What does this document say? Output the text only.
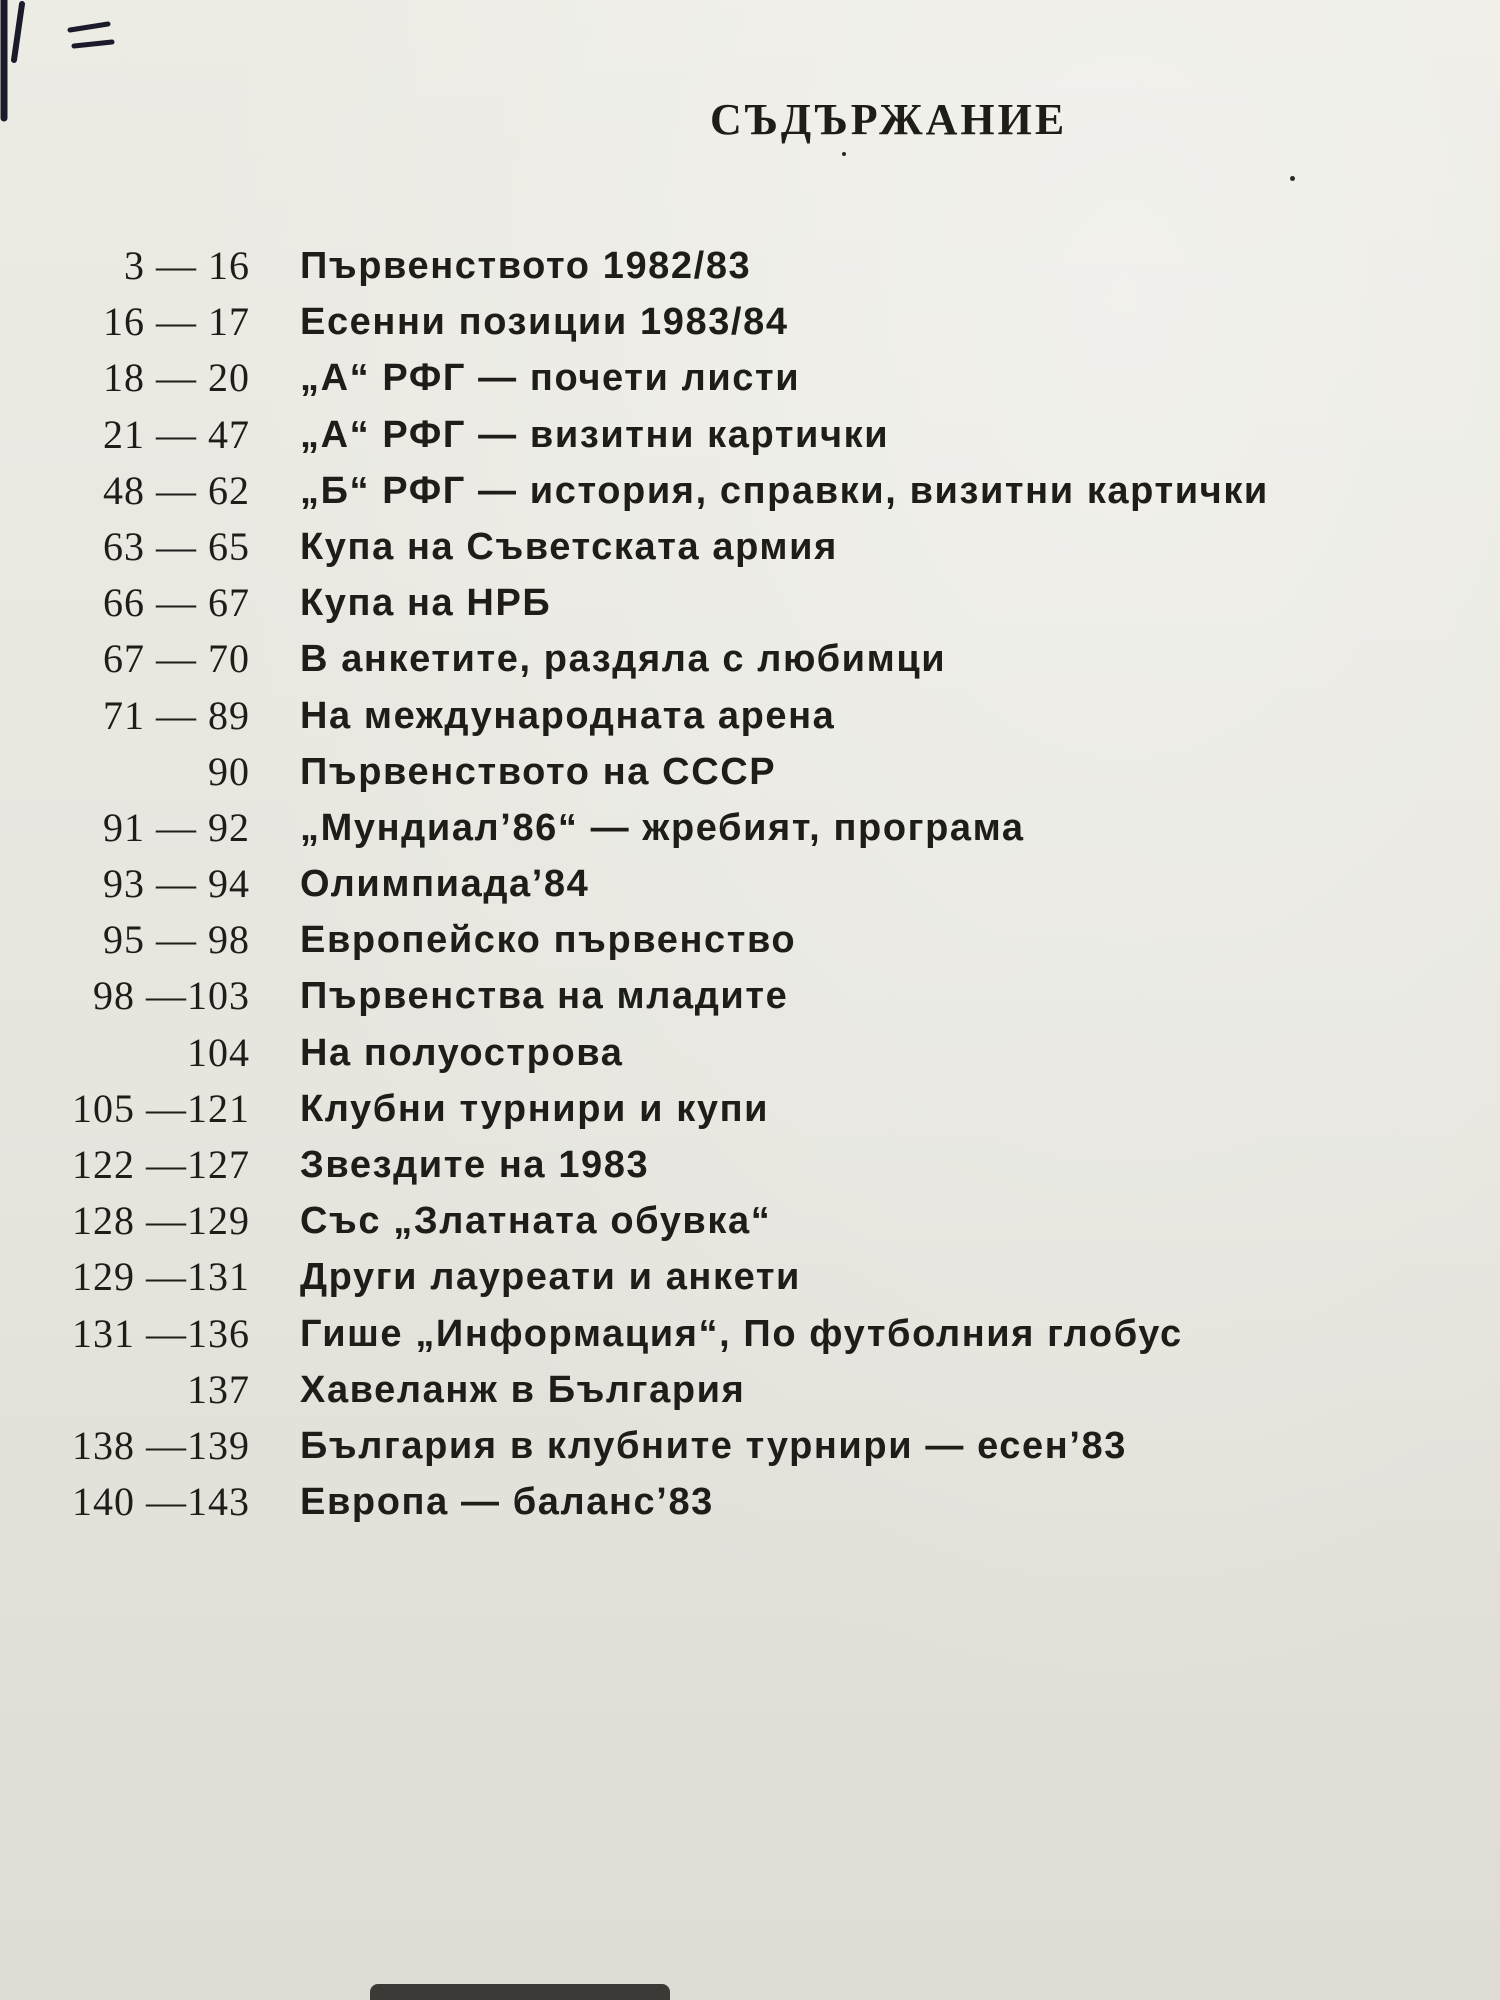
СЪДЪРЖАНИЕ
3 — 16 Първенството 1982/83
16 — 17 Есенни позиции 1983/84
18 — 20 „А“ РФГ — почети листи
21 — 47 „А“ РФГ — визитни картички
48 — 62 „Б“ РФГ — история, справки, визитни картички
63 — 65 Купа на Съветската армия
66 — 67 Купа на НРБ
67 — 70 В анкетите, раздяла с любимци
71 — 89 На международната арена
90 Първенството на СССР
91 — 92 „Мундиал’86“ — жребият, програма
93 — 94 Олимпиада’84
95 — 98 Европейско първенство
98 —103 Първенства на младите
104 На полуострова
105 —121 Клубни турнири и купи
122 —127 Звездите на 1983
128 —129 Със „Златната обувка“
129 —131 Други лауреати и анкети
131 —136 Гише „Информация“, По футболния глобус
137 Хавеланж в България
138 —139 България в клубните турнири — есен’83
140 —143 Европа — баланс’83
